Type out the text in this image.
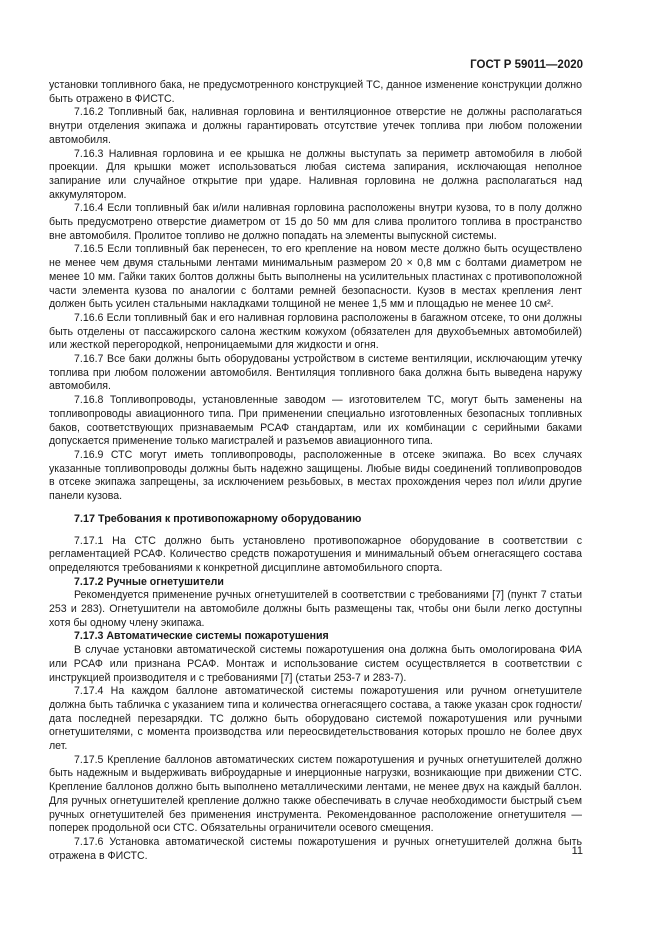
ГОСТ Р 59011—2020

установки топливного бака, не предусмотренного конструкцией ТС, данное изменение конструкции должно быть отражено в ФИСТС.

7.16.2 Топливный бак, наливная горловина и вентиляционное отверстие не должны располагаться внутри отделения экипажа и должны гарантировать отсутствие утечек топлива при любом положении автомобиля.

7.16.3 Наливная горловина и ее крышка не должны выступать за периметр автомобиля в любой проекции. Для крышки может использоваться любая система запирания, исключающая неполное запирание или случайное открытие при ударе. Наливная горловина не должна располагаться над аккумулятором.

7.16.4 Если топливный бак и/или наливная горловина расположены внутри кузова, то в полу должно быть предусмотрено отверстие диаметром от 15 до 50 мм для слива пролитого топлива в пространство вне автомобиля. Пролитое топливо не должно попадать на элементы выпускной системы.

7.16.5 Если топливный бак перенесен, то его крепление на новом месте должно быть осуществлено не менее чем двумя стальными лентами минимальным размером 20 × 0,8 мм с болтами диаметром не менее 10 мм. Гайки таких болтов должны быть выполнены на усилительных пластинах с противоположной части элемента кузова по аналогии с болтами ремней безопасности. Кузов в местах крепления лент должен быть усилен стальными накладками толщиной не менее 1,5 мм и площадью не менее 10 см².

7.16.6 Если топливный бак и его наливная горловина расположены в багажном отсеке, то они должны быть отделены от пассажирского салона жестким кожухом (обязателен для двухобъемных автомобилей) или жесткой перегородкой, непроницаемыми для жидкости и огня.

7.16.7 Все баки должны быть оборудованы устройством в системе вентиляции, исключающим утечку топлива при любом положении автомобиля. Вентиляция топливного бака должна быть выведена наружу автомобиля.

7.16.8 Топливопроводы, установленные заводом — изготовителем ТС, могут быть заменены на топливопроводы авиационного типа. При применении специально изготовленных безопасных топливных баков, соответствующих признаваемым РСАФ стандартам, или их комбинации с серийными баками допускается применение только магистралей и разъемов авиационного типа.

7.16.9 СТС могут иметь топливопроводы, расположенные в отсеке экипажа. Во всех случаях указанные топливопроводы должны быть надежно защищены. Любые виды соединений топливопроводов в отсеке экипажа запрещены, за исключением резьбовых, в местах прохождения через пол и/или другие панели кузова.

7.17 Требования к противопожарному оборудованию

7.17.1 На СТС должно быть установлено противопожарное оборудование в соответствии с регламентацией РСАФ. Количество средств пожаротушения и минимальный объем огнегасящего состава определяются требованиями к конкретной дисциплине автомобильного спорта.

7.17.2 Ручные огнетушители

Рекомендуется применение ручных огнетушителей в соответствии с требованиями [7] (пункт 7 статьи 253 и 283). Огнетушители на автомобиле должны быть размещены так, чтобы они были легко доступны хотя бы одному члену экипажа.

7.17.3 Автоматические системы пожаротушения

В случае установки автоматической системы пожаротушения она должна быть омологирована ФИА или РСАФ или признана РСАФ. Монтаж и использование систем осуществляется в соответствии с инструкцией производителя и с требованиями [7] (статьи 253-7 и 283-7).

7.17.4 На каждом баллоне автоматической системы пожаротушения или ручном огнетушителе должна быть табличка с указанием типа и количества огнегасящего состава, а также указан срок годности/дата последней перезарядки. ТС должно быть оборудовано системой пожаротушения или ручными огнетушителями, с момента производства или переосвидетельствования которых прошло не более двух лет.

7.17.5 Крепление баллонов автоматических систем пожаротушения и ручных огнетушителей должно быть надежным и выдерживать виброударные и инерционные нагрузки, возникающие при движении СТС. Крепление баллонов должно быть выполнено металлическими лентами, не менее двух на каждый баллон. Для ручных огнетушителей крепление должно также обеспечивать в случае необходимости быстрый съем ручных огнетушителей без применения инструмента. Рекомендованное расположение огнетушителя — поперек продольной оси СТС. Обязательны ограничители осевого смещения.

7.17.6 Установка автоматической системы пожаротушения и ручных огнетушителей должна быть отражена в ФИСТС.	11
